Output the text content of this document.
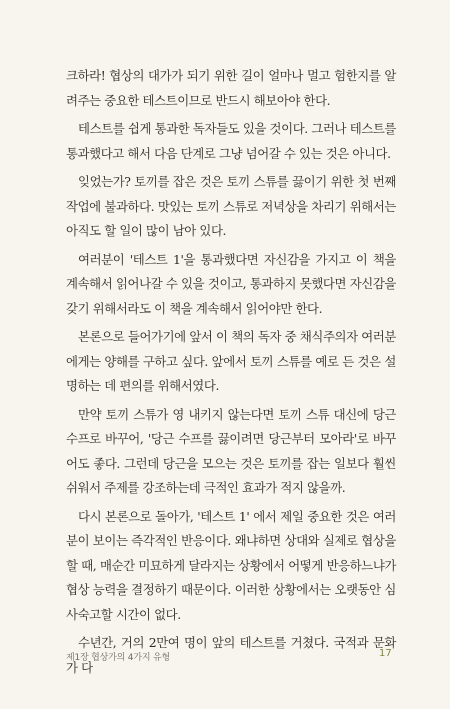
크하라! 협상의 대가가 되기 위한 길이 얼마나 멀고 험한지를 알려주는 중요한 테스트이므로 반드시 해보아야 한다.

테스트를 쉽게 통과한 독자들도 있을 것이다. 그러나 테스트를 통과했다고 해서 다음 단계로 그냥 넘어갈 수 있는 것은 아니다.

잊었는가? 토끼를 잡은 것은 토끼 스튜를 끓이기 위한 첫 번째 작업에 불과하다. 맛있는 토끼 스튜로 저녁상을 차리기 위해서는 아직도 할 일이 많이 남아 있다.

여러분이 '테스트 1'을 통과했다면 자신감을 가지고 이 책을 계속해서 읽어나갈 수 있을 것이고, 통과하지 못했다면 자신감을 갖기 위해서라도 이 책을 계속해서 읽어야만 한다.

본론으로 들어가기에 앞서 이 책의 독자 중 채식주의자 여러분에게는 양해를 구하고 싶다. 앞에서 토끼 스튜를 예로 든 것은 설명하는 데 편의를 위해서였다.

만약 토끼 스튜가 영 내키지 않는다면 토끼 스튜 대신에 당근 수프로 바꾸어, '당근 수프를 끓이려면 당근부터 모아라'로 바꾸어도 좋다. 그런데 당근을 모으는 것은 토끼를 잡는 일보다 훨씬 쉬워서 주제를 강조하는데 극적인 효과가 적지 않을까.

다시 본론으로 돌아가, '테스트 1' 에서 제일 중요한 것은 여러분이 보이는 즉각적인 반응이다. 왜냐하면 상대와 실제로 협상을 할 때, 매순간 미묘하게 달라지는 상황에서 어떻게 반응하느냐가 협상 능력을 결정하기 때문이다. 이러한 상황에서는 오랫동안 심사숙고할 시간이 없다.

수년간, 거의 2만여 명이 앞의 테스트를 거쳤다. 국적과 문화가 다

제1장 협상가의 4가지 유형	17
